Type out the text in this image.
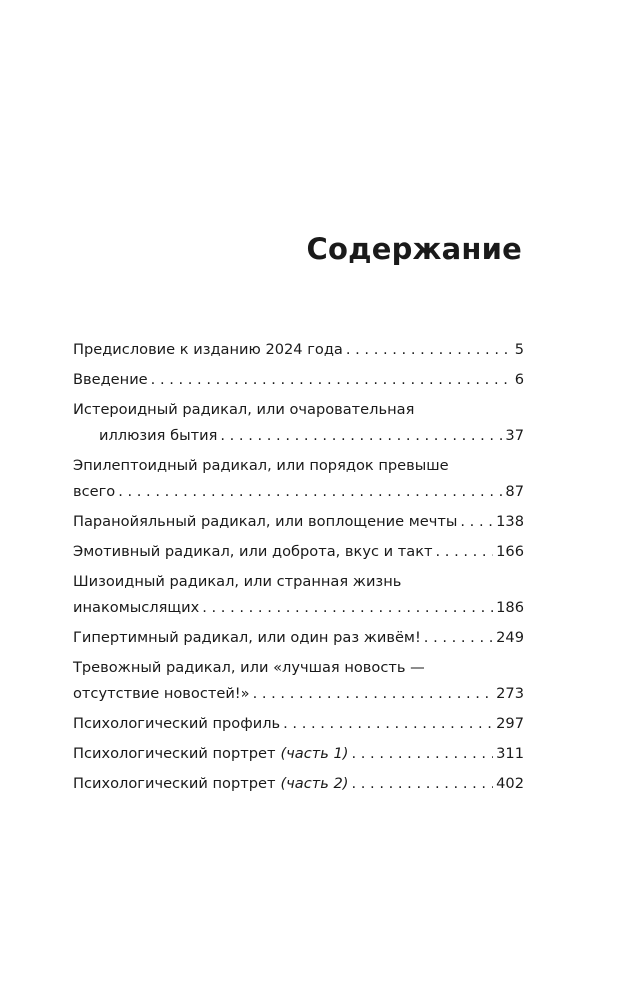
Содержание
Предисловие к изданию 2024 года . . .	5
Введение . . .	6
Истероидный радикал, или очаровательная
иллюзия бытия . . .	37
Эпилептоидный радикал, или порядок превыше
всего . . .	87
Паранойяльный радикал, или воплощение мечты . . .	138
Эмотивный радикал, или доброта, вкус и такт . . .	166
Шизоидный радикал, или странная жизнь
инакомыслящих . . .	186
Гипертимный радикал, или один раз живём! . . .	249
Тревожный радикал, или «лучшая новость —
отсутствие новостей!» . . .	273
Психологический профиль . . .	297
Психологический портрет (часть 1) . . .	311
Психологический портрет (часть 2) . . .	402
